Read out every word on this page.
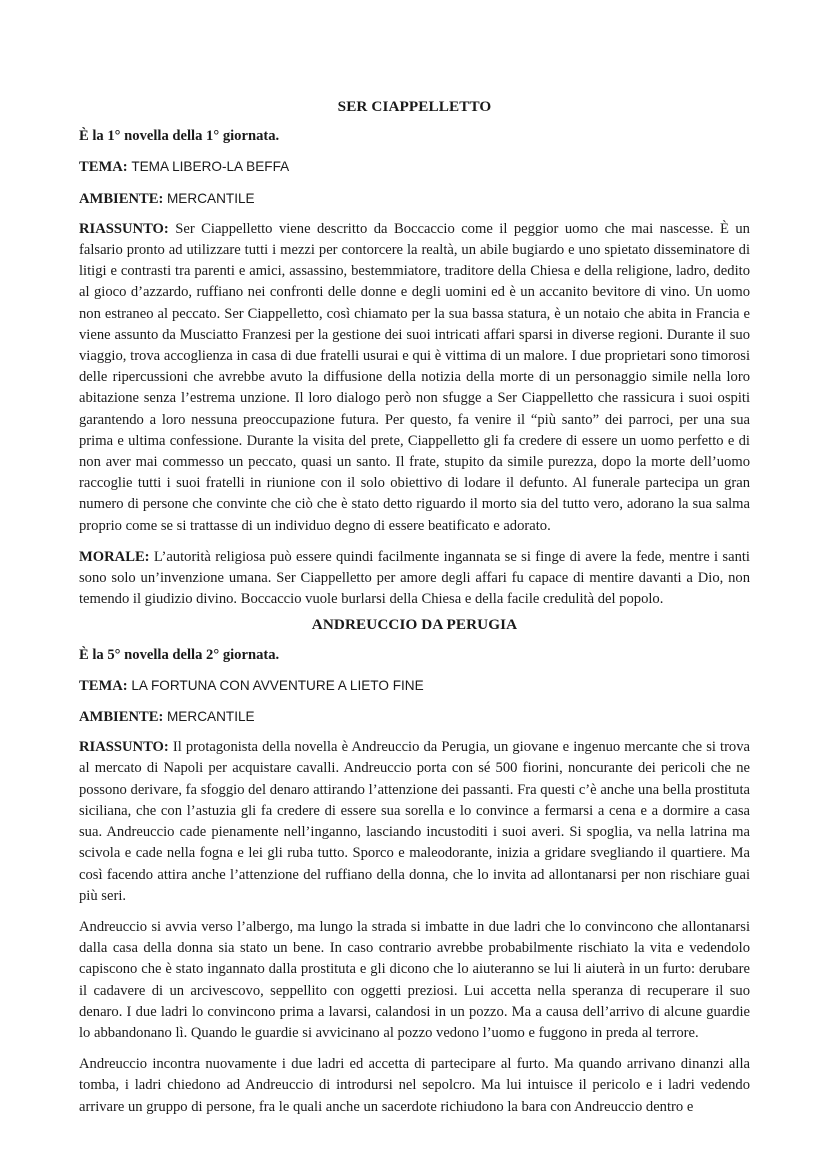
SER CIAPPELLETTO
È la 1° novella della 1° giornata.
TEMA: TEMA LIBERO-LA BEFFA
AMBIENTE: MERCANTILE
RIASSUNTO: Ser Ciappelletto viene descritto da Boccaccio come il peggior uomo che mai nascesse. È un falsario pronto ad utilizzare tutti i mezzi per contorcere la realtà, un abile bugiardo e uno spietato disseminatore di litigi e contrasti tra parenti e amici, assassino, bestemmiatore, traditore della Chiesa e della religione, ladro, dedito al gioco d’azzardo, ruffiano nei confronti delle donne e degli uomini ed è un accanito bevitore di vino. Un uomo non estraneo al peccato. Ser Ciappelletto, così chiamato per la sua bassa statura, è un notaio che abita in Francia e viene assunto da Musciatto Franzesi per la gestione dei suoi intricati affari sparsi in diverse regioni. Durante il suo viaggio, trova accoglienza in casa di due fratelli usurai e qui è vittima di un malore. I due proprietari sono timorosi delle ripercussioni che avrebbe avuto la diffusione della notizia della morte di un personaggio simile nella loro abitazione senza l’estrema unzione. Il loro dialogo però non sfugge a Ser Ciappelletto che rassicura i suoi ospiti garantendo a loro nessuna preoccupazione futura. Per questo, fa venire il “più santo” dei parroci, per una sua prima e ultima confessione. Durante la visita del prete, Ciappelletto gli fa credere di essere un uomo perfetto e di non aver mai commesso un peccato, quasi un santo. Il frate, stupito da simile purezza, dopo la morte dell’uomo raccoglie tutti i suoi fratelli in riunione con il solo obiettivo di lodare il defunto. Al funerale partecipa un gran numero di persone che convinte che ciò che è stato detto riguardo il morto sia del tutto vero, adorano la sua salma proprio come se si trattasse di un individuo degno di essere beatificato e adorato.
MORALE: L’autorità religiosa può essere quindi facilmente ingannata se si finge di avere la fede, mentre i santi sono solo un’invenzione umana. Ser Ciappelletto per amore degli affari fu capace di mentire davanti a Dio, non temendo il giudizio divino. Boccaccio vuole burlarsi della Chiesa e della facile credulità del popolo.
ANDREUCCIO DA PERUGIA
È la 5° novella della 2° giornata.
TEMA: LA FORTUNA CON AVVENTURE A LIETO FINE
AMBIENTE: MERCANTILE
RIASSUNTO: Il protagonista della novella è Andreuccio da Perugia, un giovane e ingenuo mercante che si trova al mercato di Napoli per acquistare cavalli. Andreuccio porta con sé 500 fiorini, noncurante dei pericoli che ne possono derivare, fa sfoggio del denaro attirando l’attenzione dei passanti. Fra questi c’è anche una bella prostituta siciliana, che con l’astuzia gli fa credere di essere sua sorella e lo convince a fermarsi a cena e a dormire a casa sua. Andreuccio cade pienamente nell’inganno, lasciando incustoditi i suoi averi. Si spoglia, va nella latrina ma scivola e cade nella fogna e lei gli ruba tutto. Sporco e maleodorante, inizia a gridare svegliando il quartiere. Ma così facendo attira anche l’attenzione del ruffiano della donna, che lo invita ad allontanarsi per non rischiare guai più seri.
Andreuccio si avvia verso l’albergo, ma lungo la strada si imbatte in due ladri che lo convincono che allontanarsi dalla casa della donna sia stato un bene. In caso contrario avrebbe probabilmente rischiato la vita e vedendolo capiscono che è stato ingannato dalla prostituta e gli dicono che lo aiuteranno se lui li aiuterà in un furto: derubare il cadavere di un arcivescovo, seppellito con oggetti preziosi. Lui accetta nella speranza di recuperare il suo denaro. I due ladri lo convincono prima a lavarsi, calandosi in un pozzo. Ma a causa dell’arrivo di alcune guardie lo abbandonano lì. Quando le guardie si avvicinano al pozzo vedono l’uomo e fuggono in preda al terrore.
Andreuccio incontra nuovamente i due ladri ed accetta di partecipare al furto. Ma quando arrivano dinanzi alla tomba, i ladri chiedono ad Andreuccio di introdursi nel sepolcro. Ma lui intuisce il pericolo e i ladri vedendo arrivare un gruppo di persone, fra le quali anche un sacerdote richiudono la bara con Andreuccio dentro e
